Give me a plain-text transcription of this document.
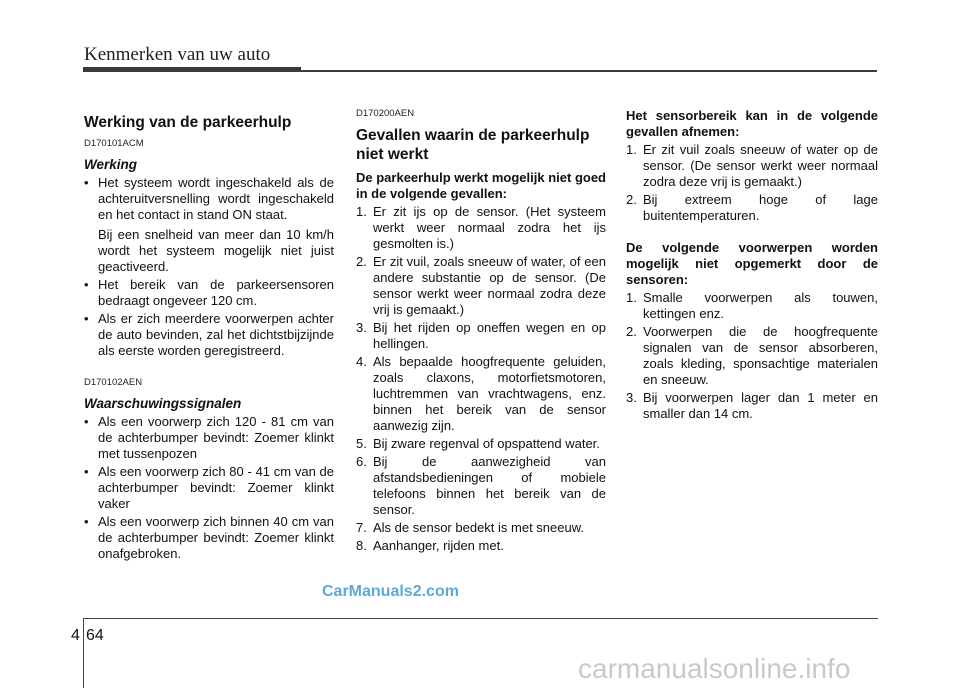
Kenmerken van uw auto
Werking van de parkeerhulp
D170101ACM
Werking
• Het systeem wordt ingeschakeld als de achteruitversnelling wordt ingeschakeld en het contact in stand ON staat.
Bij een snelheid van meer dan 10 km/h wordt het systeem mogelijk niet juist geactiveerd.
• Het bereik van de parkeersensoren bedraagt ongeveer 120 cm.
• Als er zich meerdere voorwerpen achter de auto bevinden, zal het dichtstbijzijnde als eerste worden geregistreerd.
D170102AEN
Waarschuwingssignalen
• Als een voorwerp zich 120 - 81 cm van de achterbumper bevindt: Zoemer klinkt met tussenpozen
• Als een voorwerp zich 80 - 41 cm van de achterbumper bevindt: Zoemer klinkt vaker
• Als een voorwerp zich binnen 40 cm van de achterbumper bevindt: Zoemer klinkt onafgebroken.
D170200AEN
Gevallen waarin de parkeerhulp niet werkt
De parkeerhulp werkt mogelijk niet goed in de volgende gevallen:
1. Er zit ijs op de sensor. (Het systeem werkt weer normaal zodra het ijs gesmolten is.)
2. Er zit vuil, zoals sneeuw of water, of een andere substantie op de sensor. (De sensor werkt weer normaal zodra deze vrij is gemaakt.)
3. Bij het rijden op oneffen wegen en op hellingen.
4. Als bepaalde hoogfrequente geluiden, zoals claxons, motorfietsmotoren, luchtremmen van vrachtwagens, enz. binnen het bereik van de sensor aanwezig zijn.
5. Bij zware regenval of opspattend water.
6. Bij de aanwezigheid van afstandsbedieningen of mobiele telefoons binnen het bereik van de sensor.
7. Als de sensor bedekt is met sneeuw.
8. Aanhanger, rijden met.
Het sensorbereik kan in de volgende gevallen afnemen:
1. Er zit vuil zoals sneeuw of water op de sensor. (De sensor werkt weer normaal zodra deze vrij is gemaakt.)
2. Bij extreem hoge of lage buitentemperaturen.
De volgende voorwerpen worden mogelijk niet opgemerkt door de sensoren:
1. Smalle voorwerpen als touwen, kettingen enz.
2. Voorwerpen die de hoogfrequente signalen van de sensor absorberen, zoals kleding, sponsachtige materialen en sneeuw.
3. Bij voorwerpen lager dan 1 meter en smaller dan 14 cm.
CarManuals2.com
4 64
carmanualsonline.info
